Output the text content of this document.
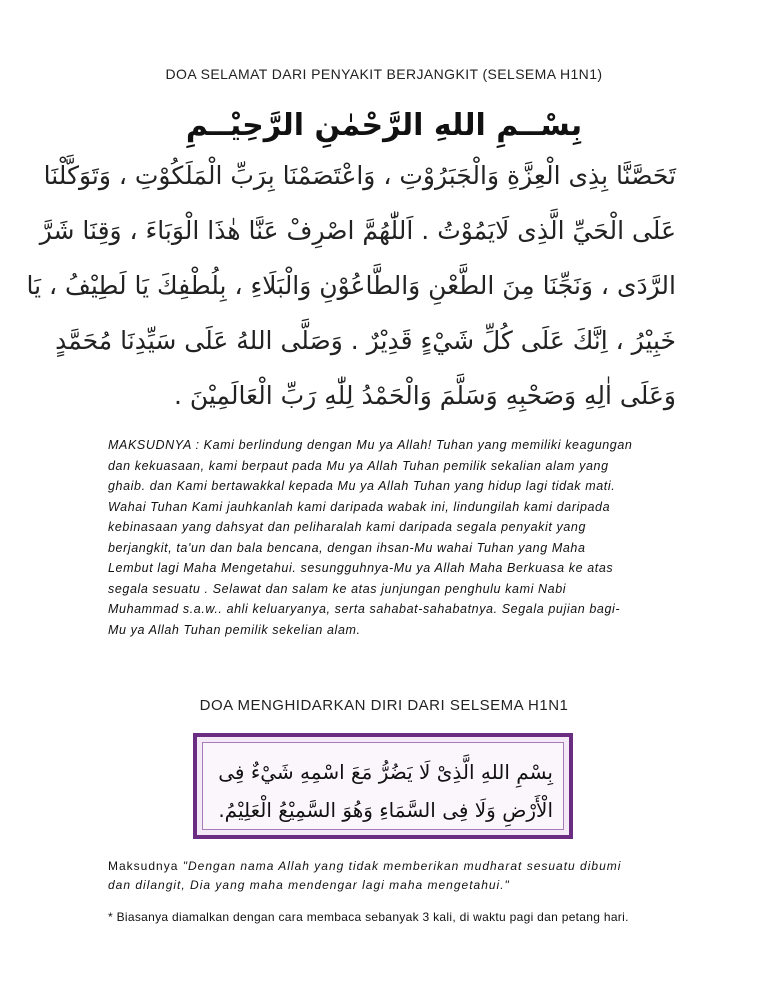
DOA SELAMAT DARI PENYAKIT BERJANGKIT (SELSEMA H1N1)
بِسْــمِ اللهِ الرَّحْمٰنِ الرَّحِيْــمِ
تَحَصَّنَّا بِذِى الْعِزَّةِ وَالْجَبَرُوْتِ ، وَاعْتَصَمْنَا بِرَبِّ الْمَلَكُوْتِ ، وَتَوَكَّلْنَا
عَلَى الْحَيِّ الَّذِى لَايَمُوْتُ . اَللّٰهُمَّ اصْرِفْ عَنَّا هٰذَا الْوَبَاءَ ، وَقِنَا شَرَّ
الرَّدَى ، وَنَجِّنَا مِنَ الطَّعْنِ وَالطَّاعُوْنِ وَالْبَلَاءِ ، بِلُطْفِكَ يَا لَطِيْفُ ، يَا
خَبِيْرُ ، اِنَّكَ عَلَى كُلِّ شَيْءٍ قَدِيْرٌ . وَصَلَّى اللهُ عَلَى سَيِّدِنَا مُحَمَّدٍ
وَعَلَى اٰلِهِ وَصَحْبِهِ وَسَلَّمَ وَالْحَمْدُ لِلّٰهِ رَبِّ الْعَالَمِيْنَ .
MAKSUDNYA : Kami berlindung dengan Mu ya Allah! Tuhan yang memiliki keagungan
dan kekuasaan, kami berpaut pada Mu ya Allah Tuhan pemilik sekalian alam yang
ghaib. dan Kami bertawakkal kepada Mu ya Allah Tuhan yang hidup lagi tidak mati.
Wahai Tuhan Kami jauhkanlah kami daripada wabak ini, lindungilah kami daripada
kebinasaan yang dahsyat dan peliharalah kami daripada segala penyakit yang
berjangkit, ta'un dan bala bencana, dengan ihsan-Mu wahai Tuhan yang Maha
Lembut lagi Maha Mengetahui. sesungguhnya-Mu ya Allah Maha Berkuasa ke atas
segala sesuatu . Selawat dan salam ke atas junjungan penghulu kami Nabi
Muhammad s.a.w.. ahli keluaryanya, serta sahabat-sahabatnya. Segala pujian bagi-
Mu ya Allah Tuhan pemilik sekelian alam.
DOA MENGHIDARKAN DIRI DARI SELSEMA H1N1
بِسْمِ اللهِ الَّذِىْ لَا يَضُرُّ مَعَ اسْمِهِ شَيْءٌ فِى
الْأَرْضِ وَلَا فِى السَّمَاءِ وَهُوَ السَّمِيْعُ الْعَلِيْمُ.
Maksudnya "Dengan nama Allah yang tidak memberikan mudharat sesuatu dibumi
dan dilangit, Dia yang maha mendengar lagi maha mengetahui."
* Biasanya diamalkan dengan cara membaca sebanyak 3 kali, di waktu pagi dan petang hari.
